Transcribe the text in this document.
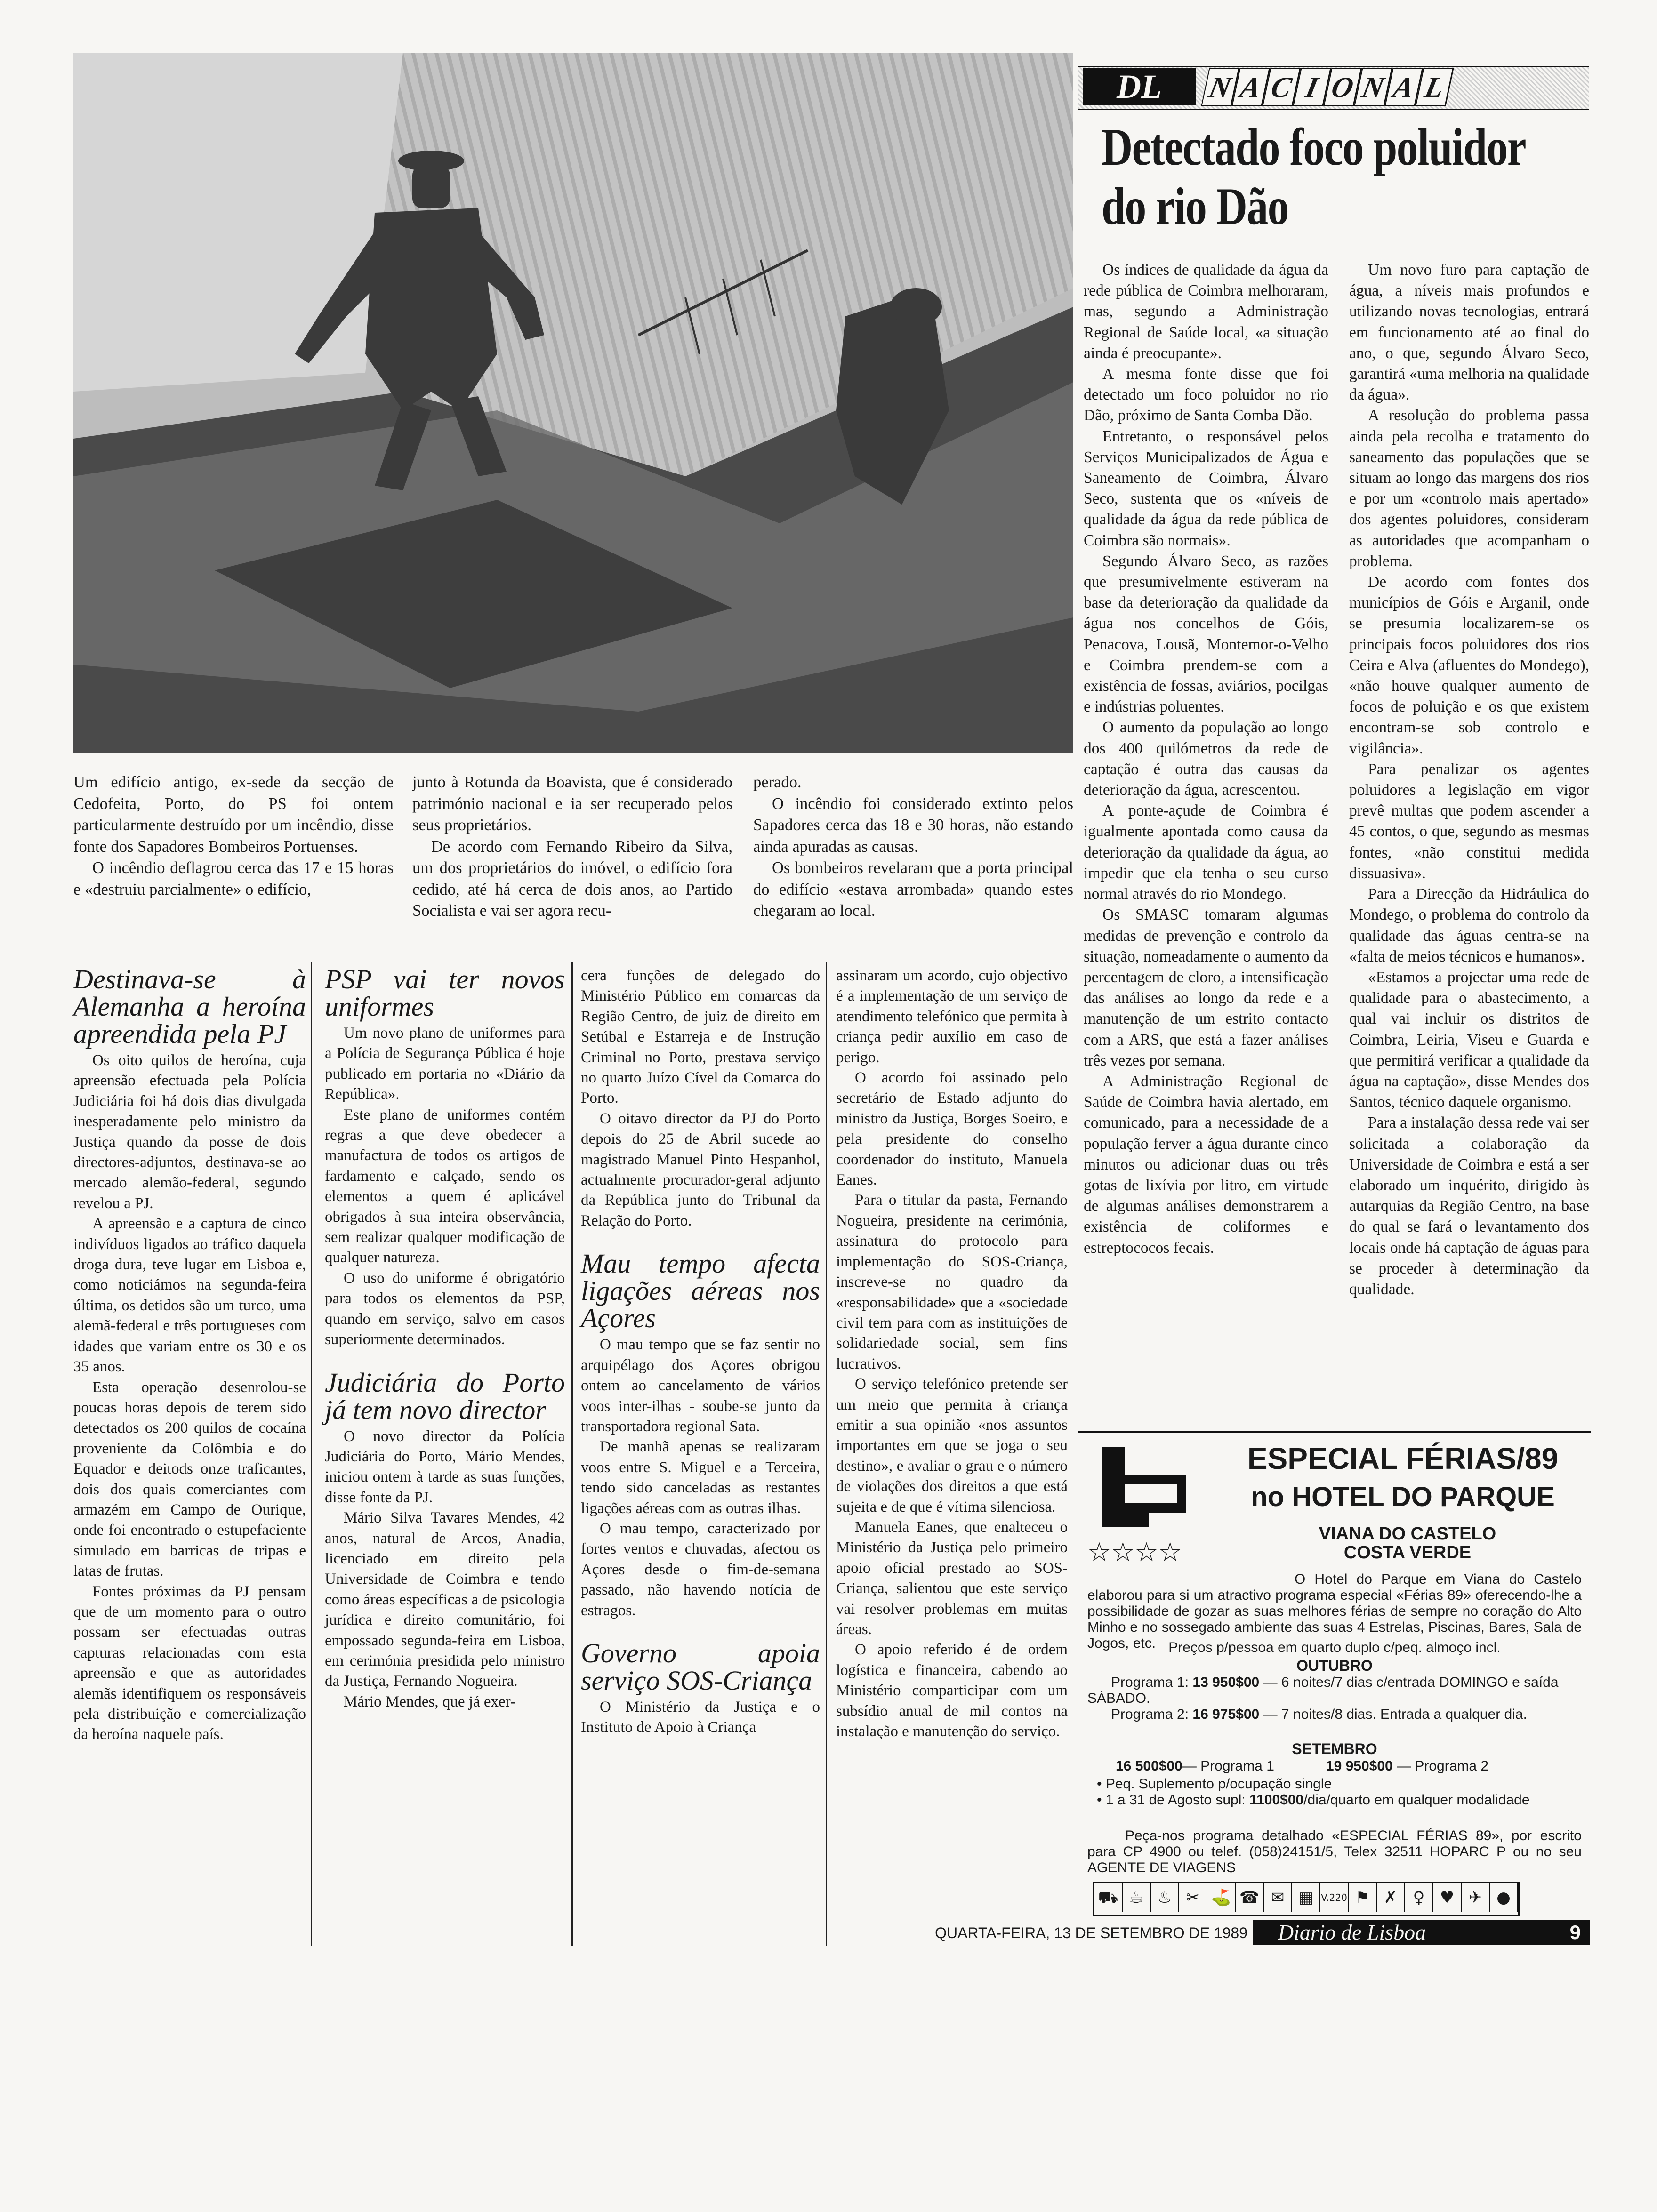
Um edifício antigo, ex-sede da secção de Cedofeita, Porto, do PS foi ontem particularmente destruído por um incêndio, disse fonte dos Sapadores Bombeiros Portuenses.

O incêndio deflagrou cerca das 17 e 15 horas e «destruiu parcialmente» o edifício,

junto à Rotunda da Boavista, que é considerado património nacional e ia ser recuperado pelos seus proprietários.

De acordo com Fernando Ribeiro da Silva, um dos proprietários do imóvel, o edifício fora cedido, até há cerca de dois anos, ao Partido Socialista e vai ser agora recu-

perado.

O incêndio foi considerado extinto pelos Sapadores cerca das 18 e 30 horas, não estando ainda apuradas as causas.

Os bombeiros revelaram que a porta principal do edifício «estava arrombada» quando estes chegaram ao local.

DL	N A C I O N A L
Detectado foco poluidor
do rio Dão

Os índices de qualidade da água da rede pública de Coimbra melhoraram, mas, segundo a Administração Regional de Saúde local, «a situação ainda é preocupante».

A mesma fonte disse que foi detectado um foco poluidor no rio Dão, próximo de Santa Comba Dão.

Entretanto, o responsável pelos Serviços Municipalizados de Água e Saneamento de Coimbra, Álvaro Seco, sustenta que os «níveis de qualidade da água da rede pública de Coimbra são normais».

Segundo Álvaro Seco, as razões que presumivelmente estiveram na base da deterioração da qualidade da água nos concelhos de Góis, Penacova, Lousã, Montemor-o-Velho e Coimbra prendem-se com a existência de fossas, aviários, pocilgas e indústrias poluentes.

O aumento da população ao longo dos 400 quilómetros da rede de captação é outra das causas da deterioração da água, acrescentou.

A ponte-açude de Coimbra é igualmente apontada como causa da deterioração da qualidade da água, ao impedir que ela tenha o seu curso normal através do rio Mondego.

Os SMASC tomaram algumas medidas de prevenção e controlo da situação, nomeadamente o aumento da percentagem de cloro, a intensificação das análises ao longo da rede e a manutenção de um estrito contacto com a ARS, que está a fazer análises três vezes por semana.

A Administração Regional de Saúde de Coimbra havia alertado, em comunicado, para a necessidade de a população ferver a água durante cinco minutos ou adicionar duas ou três gotas de lixívia por litro, em virtude de algumas análises demonstrarem a existência de coliformes e estreptococos fecais.

Um novo furo para captação de água, a níveis mais profundos e utilizando novas tecnologias, entrará em funcionamento até ao final do ano, o que, segundo Álvaro Seco, garantirá «uma melhoria na qualidade da água».

A resolução do problema passa ainda pela recolha e tratamento do saneamento das populações que se situam ao longo das margens dos rios e por um «controlo mais apertado» dos agentes poluidores, consideram as autoridades que acompanham o problema.

De acordo com fontes dos municípios de Góis e Arganil, onde se presumia localizarem-se os principais focos poluidores dos rios Ceira e Alva (afluentes do Mondego), «não houve qualquer aumento de focos de poluição e os que existem encontram-se sob controlo e vigilância».

Para penalizar os agentes poluidores a legislação em vigor prevê multas que podem ascender a 45 contos, o que, segundo as mesmas fontes, «não constitui medida dissuasiva».

Para a Direcção da Hidráulica do Mondego, o problema do controlo da qualidade das águas centra-se na «falta de meios técnicos e humanos».

«Estamos a projectar uma rede de qualidade para o abastecimento, a qual vai incluir os distritos de Coimbra, Leiria, Viseu e Guarda e que permitirá verificar a qualidade da água na captação», disse Mendes dos Santos, técnico daquele organismo.

Para a instalação dessa rede vai ser solicitada a colaboração da Universidade de Coimbra e está a ser elaborado um inquérito, dirigido às autarquias da Região Centro, na base do qual se fará o levantamento dos locais onde há captação de águas para se proceder à determinação da qualidade.

Destinava-se à Alemanha a heroína apreendida pela PJ

Os oito quilos de heroína, cuja apreensão efectuada pela Polícia Judiciária foi há dois dias divulgada inesperadamente pelo ministro da Justiça quando da posse de dois directores-adjuntos, destinava-se ao mercado alemão-federal, segundo revelou a PJ.

A apreensão e a captura de cinco indivíduos ligados ao tráfico daquela droga dura, teve lugar em Lisboa e, como noticiámos na segunda-feira última, os detidos são um turco, uma alemã-federal e três portugueses com idades que variam entre os 30 e os 35 anos.

Esta operação desenrolou-se poucas horas depois de terem sido detectados os 200 quilos de cocaína proveniente da Colômbia e do Equador e deitods onze traficantes, dois dos quais comerciantes com armazém em Campo de Ourique, onde foi encontrado o estupefaciente simulado em barricas de tripas e latas de frutas.

Fontes próximas da PJ pensam que de um momento para o outro possam ser efectuadas outras capturas relacionadas com esta apreensão e que as autoridades alemãs identifiquem os responsáveis pela distribuição e comercialização da heroína naquele país.

PSP vai ter novos uniformes

Um novo plano de uniformes para a Polícia de Segurança Pública é hoje publicado em portaria no «Diário da República».

Este plano de uniformes contém regras a que deve obedecer a manufactura de todos os artigos de fardamento e calçado, sendo os elementos a quem é aplicável obrigados à sua inteira observância, sem realizar qualquer modificação de qualquer natureza.

O uso do uniforme é obrigatório para todos os elementos da PSP, quando em serviço, salvo em casos superiormente determinados.

Judiciária do Porto já tem novo director

O novo director da Polícia Judiciária do Porto, Mário Mendes, iniciou ontem à tarde as suas funções, disse fonte da PJ.

Mário Silva Tavares Mendes, 42 anos, natural de Arcos, Anadia, licenciado em direito pela Universidade de Coimbra e tendo como áreas específicas a de psicologia jurídica e direito comunitário, foi empossado segunda-feira em Lisboa, em cerimónia presidida pelo ministro da Justiça, Fernando Nogueira.

Mário Mendes, que já exer-

cera funções de delegado do Ministério Público em comarcas da Região Centro, de juiz de direito em Setúbal e Estarreja e de Instrução Criminal no Porto, prestava serviço no quarto Juízo Cível da Comarca do Porto.

O oitavo director da PJ do Porto depois do 25 de Abril sucede ao magistrado Manuel Pinto Hespanhol, actualmente procurador-geral adjunto da República junto do Tribunal da Relação do Porto.

Mau tempo afecta ligações aéreas nos Açores

O mau tempo que se faz sentir no arquipélago dos Açores obrigou ontem ao cancelamento de vários voos inter-ilhas - soube-se junto da transportadora regional Sata.

De manhã apenas se realizaram voos entre S. Miguel e a Terceira, tendo sido canceladas as restantes ligações aéreas com as outras ilhas.

O mau tempo, caracterizado por fortes ventos e chuvadas, afectou os Açores desde o fim-de-semana passado, não havendo notícia de estragos.

Governo apoia serviço SOS-Criança

O Ministério da Justiça e o Instituto de Apoio à Criança

assinaram um acordo, cujo objectivo é a implementação de um serviço de atendimento telefónico que permita à criança pedir auxílio em caso de perigo.

O acordo foi assinado pelo secretário de Estado adjunto do ministro da Justiça, Borges Soeiro, e pela presidente do conselho coordenador do instituto, Manuela Eanes.

Para o titular da pasta, Fernando Nogueira, presidente na cerimónia, assinatura do protocolo para implementação do SOS-Criança, inscreve-se no quadro da «responsabilidade» que a «sociedade civil tem para com as instituições de solidariedade social, sem fins lucrativos.

O serviço telefónico pretende ser um meio que permita à criança emitir a sua opinião «nos assuntos importantes em que se joga o seu destino», e avaliar o grau e o número de violações dos direitos a que está sujeita e de que é vítima silenciosa.

Manuela Eanes, que enalteceu o Ministério da Justiça pelo primeiro apoio oficial prestado ao SOS-Criança, salientou que este serviço vai resolver problemas em muitas áreas.

O apoio referido é de ordem logística e financeira, cabendo ao Ministério comparticipar com um subsídio anual de mil contos na instalação e manutenção do serviço.

ESPECIAL FÉRIAS/89
no HOTEL DO PARQUE
VIANA DO CASTELO
COSTA VERDE
☆☆☆☆
O Hotel do Parque em Viana do Castelo elaborou para si um atractivo programa especial «Férias 89» oferecendo-lhe a possibilidade de gozar as suas melhores férias de sempre no coração do Alto Minho e no sossegado ambiente das suas 4 Estrelas, Piscinas, Bares, Sala de Jogos, etc. Preços p/pessoa em quarto duplo c/peq. almoço incl.
OUTUBRO
Programa 1: 13 950$00 — 6 noites/7 dias c/entrada DOMINGO e saída SÁBADO.
Programa 2: 16 975$00 — 7 noites/8 dias. Entrada a qualquer dia.
SETEMBRO
16 500$00— Programa 1	19 950$00 — Programa 2
• Peq. Suplemento p/ocupação single
• 1 a 31 de Agosto supl: 1100$00/dia/quarto em qualquer modalidade
Peça-nos programa detalhado «ESPECIAL FÉRIAS 89», por escrito para CP 4900 ou telef. (058)24151/5, Telex 32511 HOPARC P ou no seu AGENTE DE VIAGENS
⛟ ☕ ♨ ✂ ⛳ ☎ ✉ ▦ V.220 ⚑ ✗ ♀ ♥ ✈ ●
QUARTA-FEIRA, 13 DE SETEMBRO DE 1989	Diario de Lisboa	9
